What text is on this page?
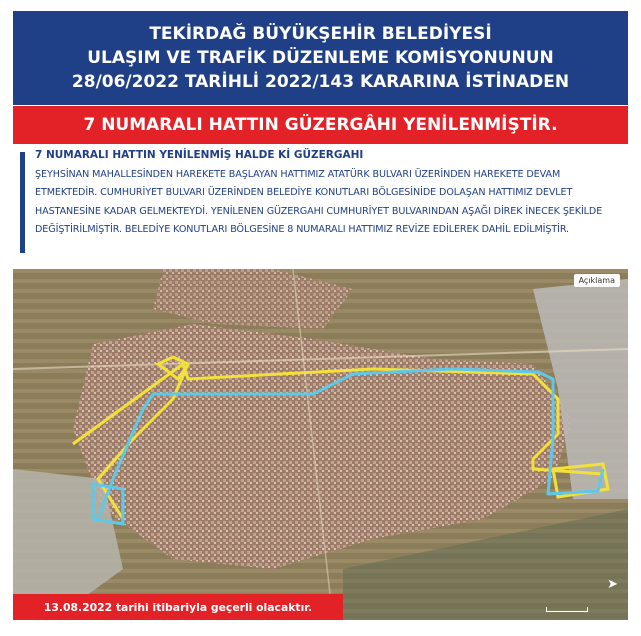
TEKİRDAĞ BÜYÜKŞEHİR BELEDİYESİ
ULAŞIM VE TRAFİK DÜZENLEME KOMİSYONUNUN
28/06/2022 TARİHLİ 2022/143 KARARINA İSTİNADEN
7 NUMARALI HATTIN GÜZERGÂHI YENİLENMİŞTİR.
7 NUMARALI HATTIN YENİLENMİŞ HALDE Kİ GÜZERGAHI
ŞEYHSİNAN MAHALLESİNDEN HAREKETE BAŞLAYAN HATTIMIZ ATATÜRK BULVARI ÜZERİNDEN HAREKETE DEVAM ETMEKTEDİR. CUMHURİYET BULVARI ÜZERİNDEN BELEDİYE KONUTLARI BÖLGESİNİDE DOLAŞAN HATTIMIZ DEVLET HASTANESİNE KADAR GELMEKTEYDİ. YENİLENEN GÜZERGAHI CUMHURİYET BULVARINDAN AŞAĞI DİREK İNECEK ŞEKİLDE DEĞİŞTİRİLMİŞTİR. BELEDİYE KONUTLARI BÖLGESİNE 8 NUMARALI HATTIMIZ REVİZE EDİLEREK DAHİL EDİLMİŞTİR.
Açıklama
➤
13.08.2022 tarihi itibariyla geçerli olacaktır.
